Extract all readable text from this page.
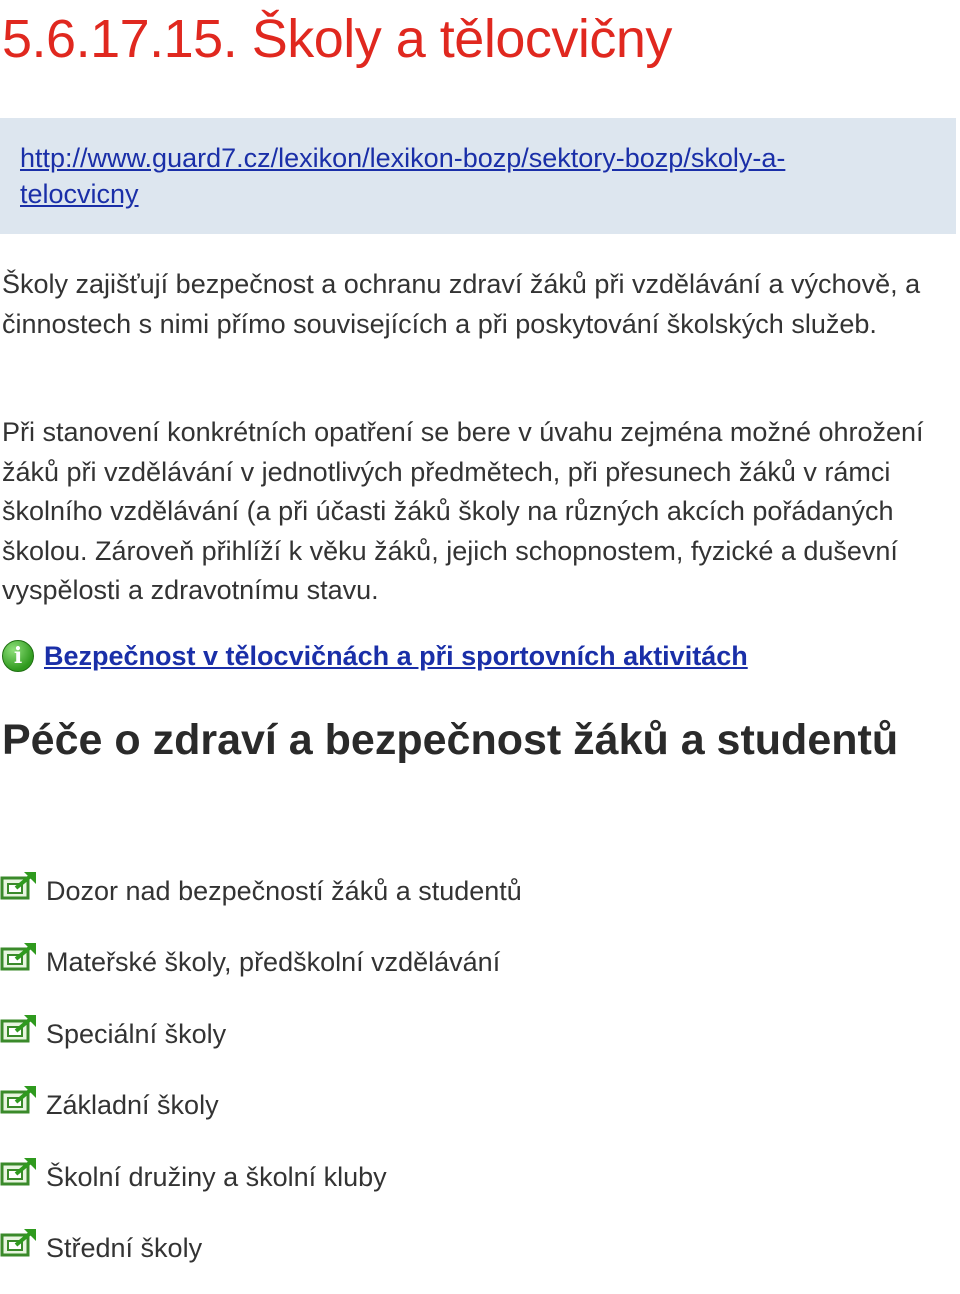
5.6.17.15. Školy a tělocvičny
http://www.guard7.cz/lexikon/lexikon-bozp/sektory-bozp/skoly-a-telocvicny

Školy zajišťují bezpečnost a ochranu zdraví žáků při vzdělávání a výchově, a činnostech s nimi přímo souvisejících a při poskytování školských služeb.

Při stanovení konkrétních opatření se bere v úvahu zejména možné ohrožení žáků při vzdělávání v jednotlivých předmětech, při přesunech žáků v rámci školního vzdělávání (a při účasti žáků školy na různých akcích pořádaných školou. Zároveň přihlíží k věku žáků, jejich schopnostem, fyzické a duševní vyspělosti a zdravotnímu stavu.

i Bezpečnost v tělocvičnách a při sportovních aktivitách
Péče o zdraví a bezpečnost žáků a studentů
Dozor nad bezpečností žáků a studentů
Mateřské školy, předškolní vzdělávání
Speciální školy
Základní školy
Školní družiny a školní kluby
Střední školy
